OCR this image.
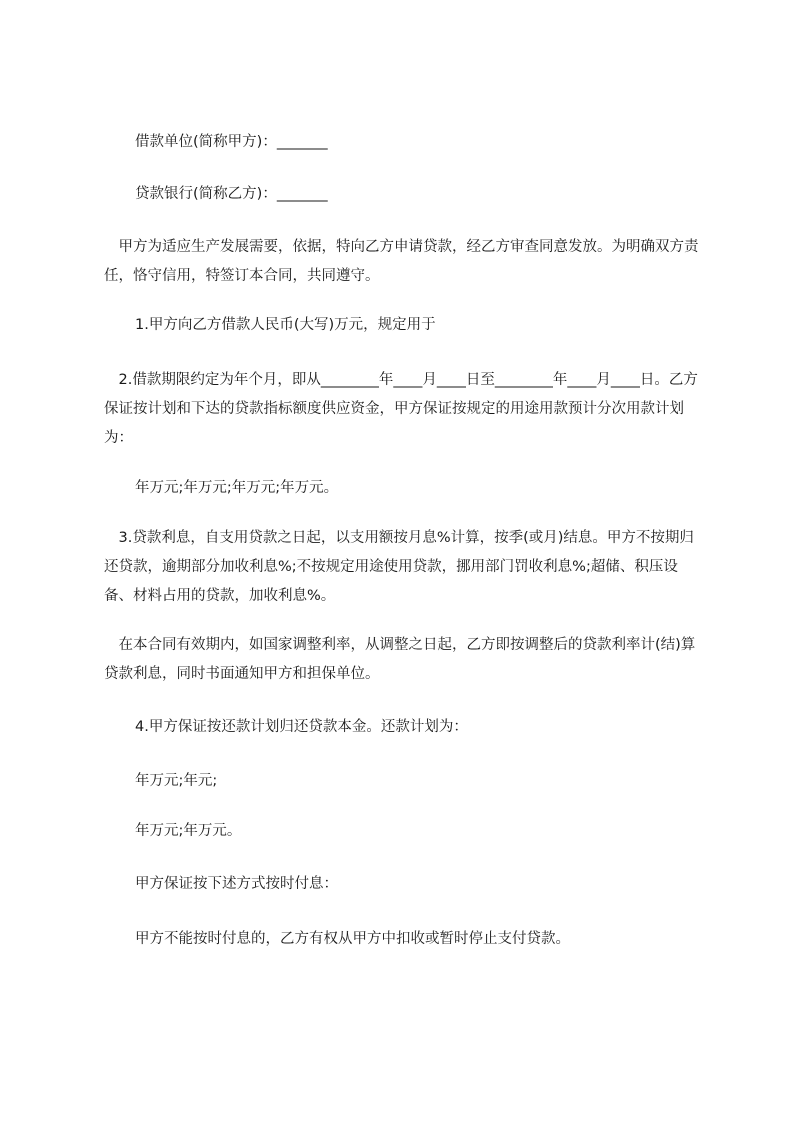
借款单位(简称甲方)：_______

贷款银行(简称乙方)：_______

　甲方为适应生产发展需要，依据，特向乙方申请贷款，经乙方审查同意发放。为明确双方责任，恪守信用，特签订本合同，共同遵守。

1.甲方向乙方借款人民币(大写)万元，规定用于

　2.借款期限约定为年个月，即从________年____月____日至________年____月____日。乙方保证按计划和下达的贷款指标额度供应资金，甲方保证按规定的用途用款预计分次用款计划为：

年万元;年万元;年万元;年万元。

　3.贷款利息，自支用贷款之日起，以支用额按月息%计算，按季(或月)结息。甲方不按期归还贷款，逾期部分加收利息%;不按规定用途使用贷款，挪用部门罚收利息%;超储、积压设备、材料占用的贷款，加收利息%。

　在本合同有效期内，如国家调整利率，从调整之日起，乙方即按调整后的贷款利率计(结)算贷款利息，同时书面通知甲方和担保单位。

4.甲方保证按还款计划归还贷款本金。还款计划为：

年万元;年元;

年万元;年万元。

甲方保证按下述方式按时付息：

甲方不能按时付息的，乙方有权从甲方中扣收或暂时停止支付贷款。
